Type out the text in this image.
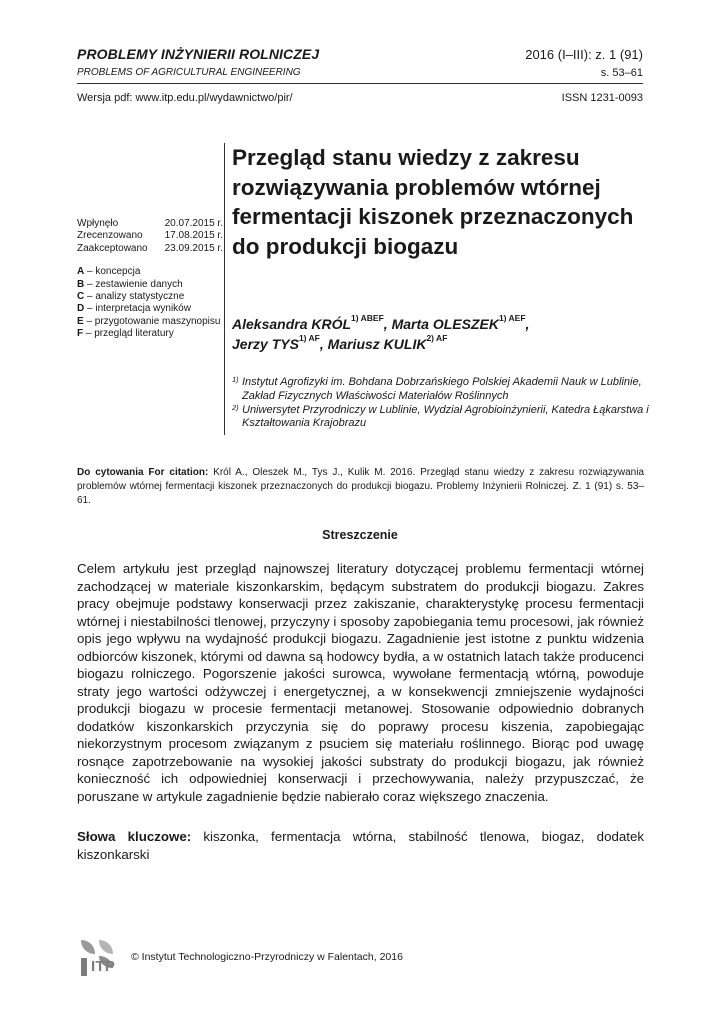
PROBLEMY INŻYNIERII ROLNICZEJ
PROBLEMS OF AGRICULTURAL ENGINEERING
2016 (I–III): z. 1 (91)
s. 53–61
Wersja pdf: www.itp.edu.pl/wydawnictwo/pir/	ISSN 1231-0093
Wpłynęło	20.07.2015 r.
Zrecenzowano 17.08.2015 r.
Zaakceptowano 23.09.2015 r.
A – koncepcja
B – zestawienie danych
C – analizy statystyczne
D – interpretacja wyników
E – przygotowanie maszynopisu
F – przegląd literatury
Przegląd stanu wiedzy z zakresu rozwiązywania problemów wtórnej fermentacji kiszonek przeznaczonych do produkcji biogazu
Aleksandra $KRÓL^{1) ABEF}$, Marta $OLESZEK^{1) AEF}$,
Jerzy $TYS^{1) AF}$, Mariusz $KULIK^{2) AF}$
1) Instytut Agrofizyki im. Bohdana Dobrzańskiego Polskiej Akademii Nauk w Lublinie, Zakład Fizycznych Właściwości Materiałów Roślinnych
2) Uniwersytet Przyrodniczy w Lublinie, Wydział Agrobioinżynierii, Katedra Łąkarstwa i Kształtowania Krajobrazu
Do cytowania For citation: Król A., Oleszek M., Tys J., Kulik M. 2016. Przegląd stanu wiedzy z zakresu rozwiązywania problemów wtórnej fermentacji kiszonek przeznaczonych do produkcji biogazu. Problemy Inżynierii Rolniczej. Z. 1 (91) s. 53–61.
Streszczenie
Celem artykułu jest przegląd najnowszej literatury dotyczącej problemu fermentacji wtórnej zachodzącej w materiale kiszonkarskim, będącym substratem do produkcji biogazu. Zakres pracy obejmuje podstawy konserwacji przez zakiszanie, charakterystykę procesu fermentacji wtórnej i niestabilności tlenowej, przyczyny i sposoby zapobiegania temu procesowi, jak również opis jego wpływu na wydajność produkcji biogazu. Zagadnienie jest istotne z punktu widzenia odbiorców kiszonek, którymi od dawna są hodowcy bydła, a w ostatnich latach także producenci biogazu rolniczego. Pogorszenie jakości surowca, wywołane fermentacją wtórną, powoduje straty jego wartości odżywczej i energetycznej, a w konsekwencji zmniejszenie wydajności produkcji biogazu w procesie fermentacji metanowej. Stosowanie odpowiednio dobranych dodatków kiszonkarskich przyczynia się do poprawy procesu kiszenia, zapobiegając niekorzystnym procesom związanym z psuciem się materiału roślinnego. Biorąc pod uwagę rosnące zapotrzebowanie na wysokiej jakości substraty do produkcji biogazu, jak również konieczność ich odpowiedniej konserwacji i przechowywania, należy przypuszczać, że poruszane w artykule zagadnienie będzie nabierało coraz większego znaczenia.
Słowa kluczowe: kiszonka, fermentacja wtórna, stabilność tlenowa, biogaz, dodatek kiszonkarski
ITP
© Instytut Technologiczno-Przyrodniczy w Falentach, 2016
